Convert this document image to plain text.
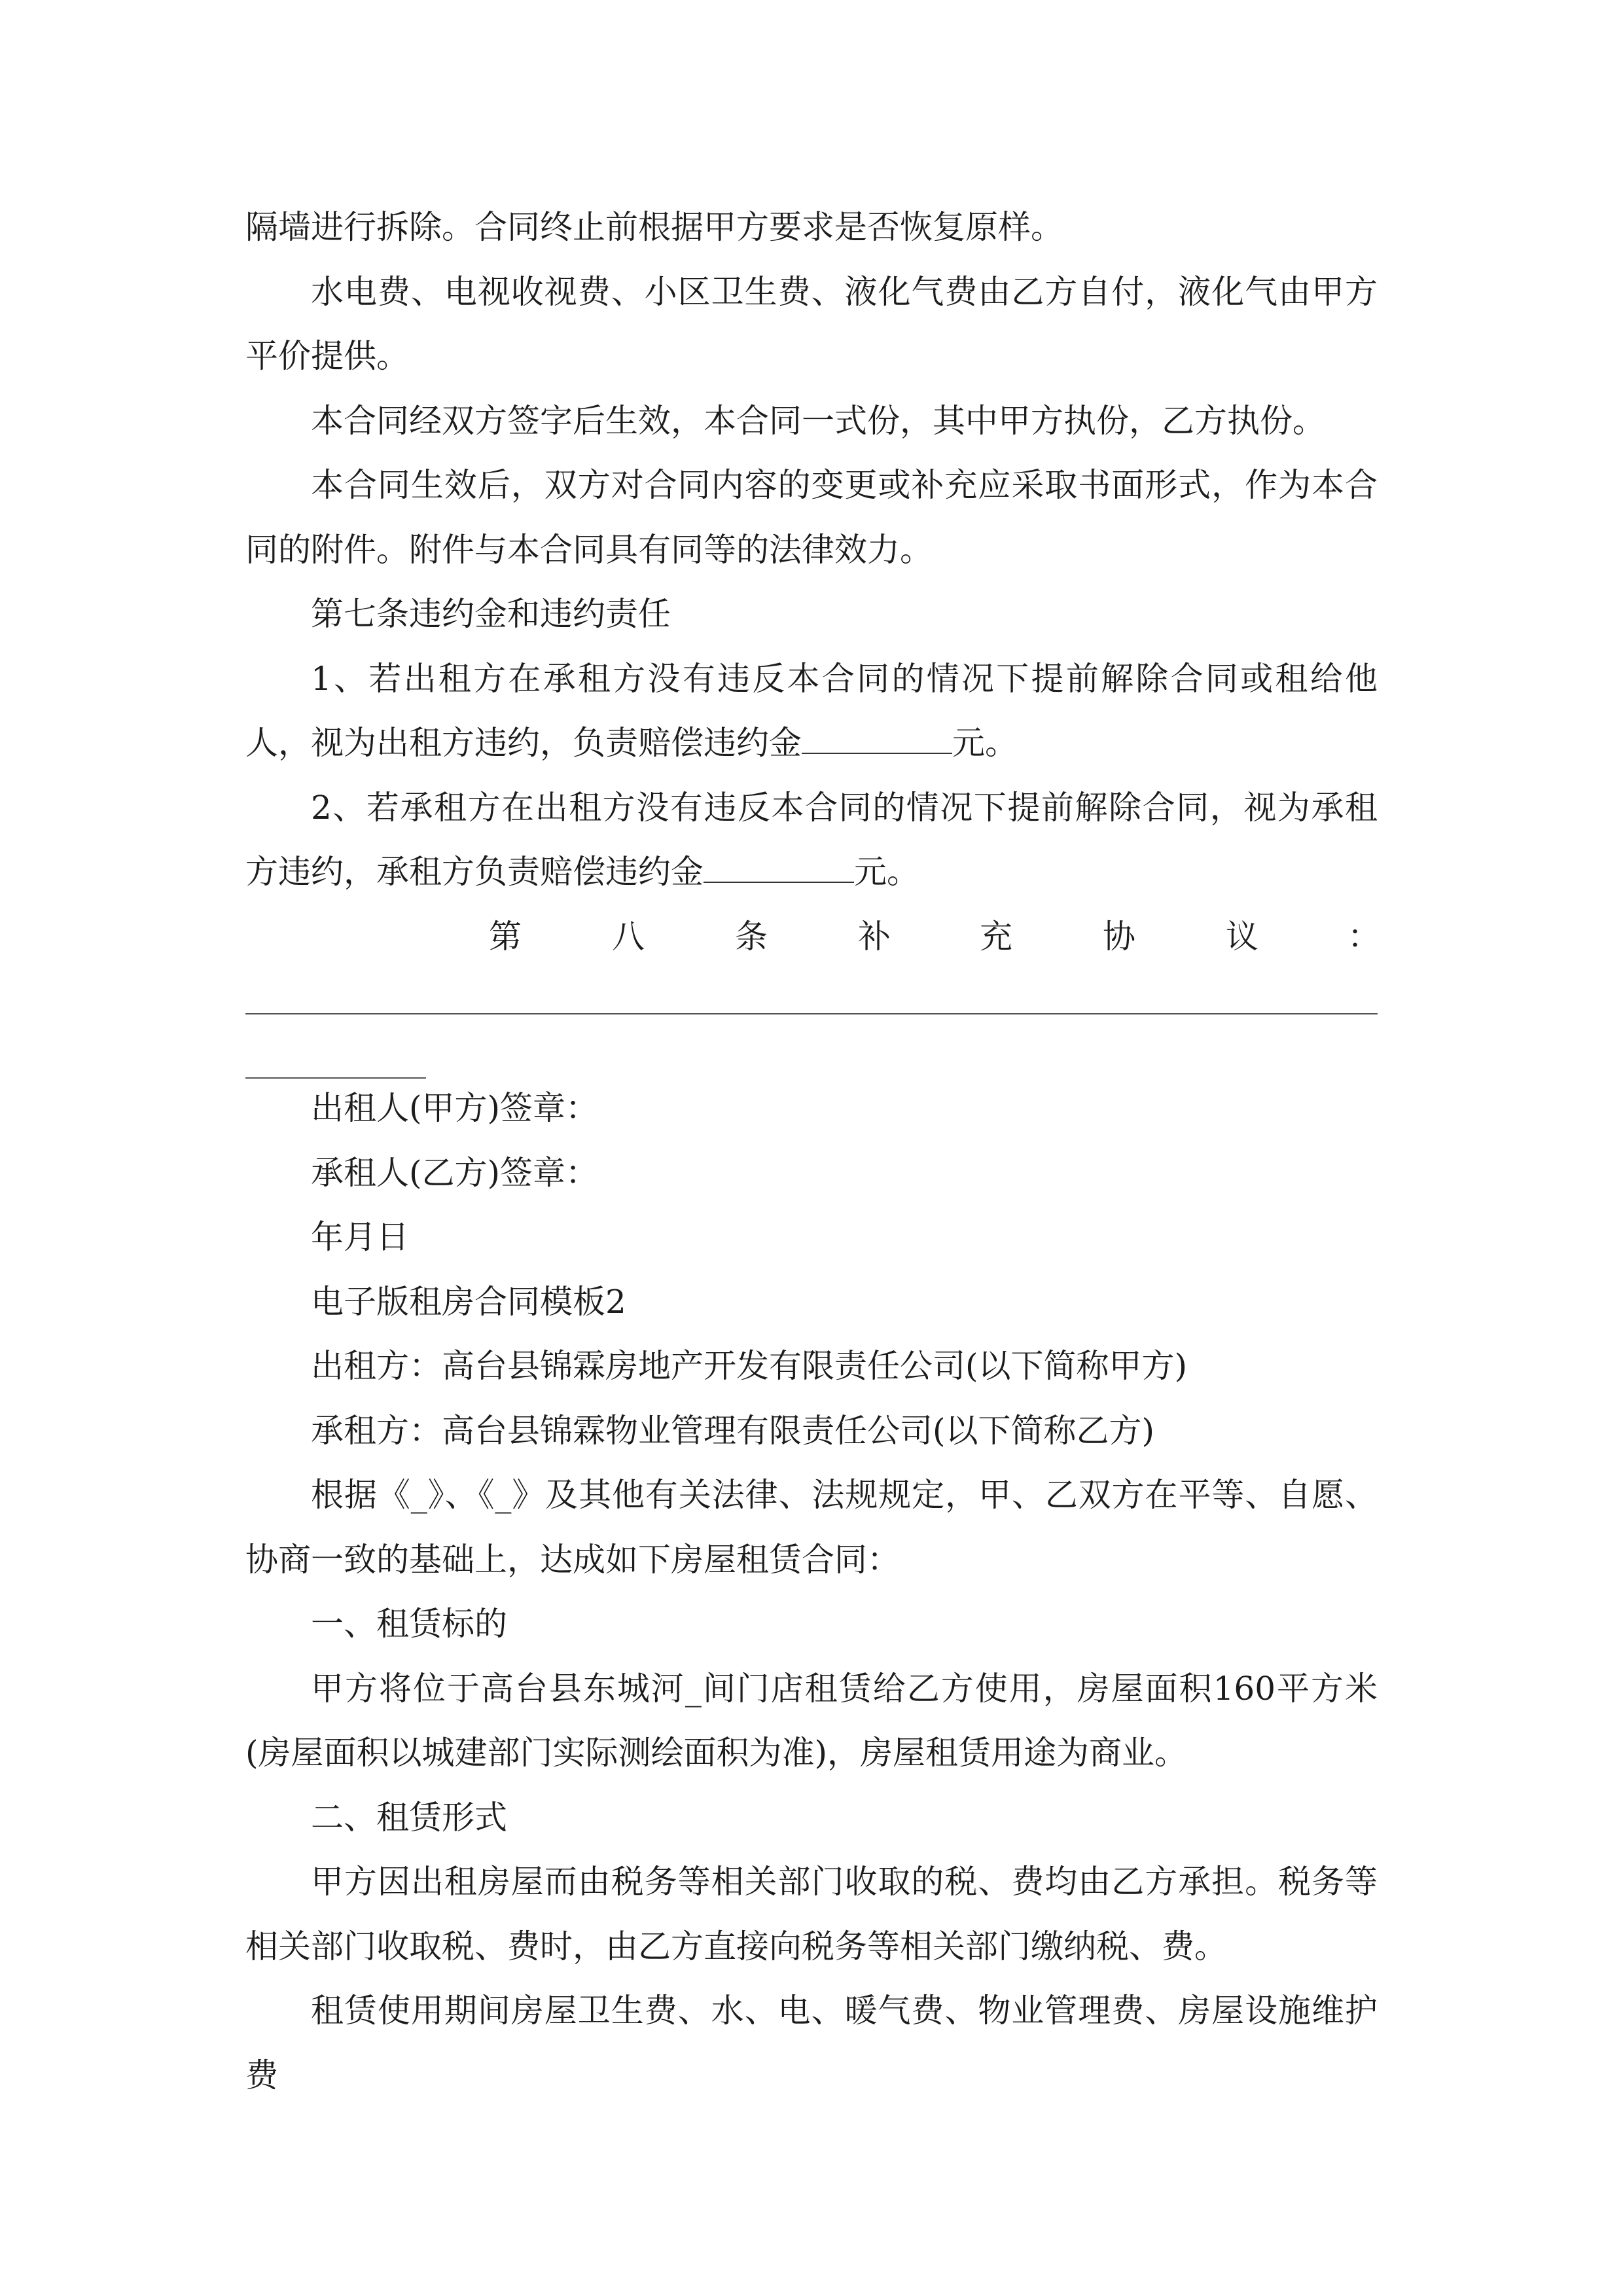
隔墙进行拆除。合同终止前根据甲方要求是否恢复原样。

水电费、电视收视费、小区卫生费、液化气费由乙方自付，液化气由甲方平价提供。

本合同经双方签字后生效，本合同一式份，其中甲方执份，乙方执份。

本合同生效后，双方对合同内容的变更或补充应采取书面形式，作为本合同的附件。附件与本合同具有同等的法律效力。

第七条违约金和违约责任

1、若出租方在承租方没有违反本合同的情况下提前解除合同或租给他人，视为出租方违约，负责赔偿违约金	元。

2、若承租方在出租方没有违反本合同的情况下提前解除合同，视为承租方违约，承租方负责赔偿违约金	元。

第	八	条	补	充	协	议	：

出租人(甲方)签章：

承租人(乙方)签章：

年月日

电子版租房合同模板2

出租方：高台县锦霖房地产开发有限责任公司(以下简称甲方)

承租方：高台县锦霖物业管理有限责任公司(以下简称乙方)

根据《_》、《_》及其他有关法律、法规规定，甲、乙双方在平等、自愿、协商一致的基础上，达成如下房屋租赁合同：

一、租赁标的

甲方将位于高台县东城河_间门店租赁给乙方使用，房屋面积160平方米(房屋面积以城建部门实际测绘面积为准)，房屋租赁用途为商业。

二、租赁形式

甲方因出租房屋而由税务等相关部门收取的税、费均由乙方承担。税务等相关部门收取税、费时，由乙方直接向税务等相关部门缴纳税、费。

租赁使用期间房屋卫生费、水、电、暖气费、物业管理费、房屋设施维护费
